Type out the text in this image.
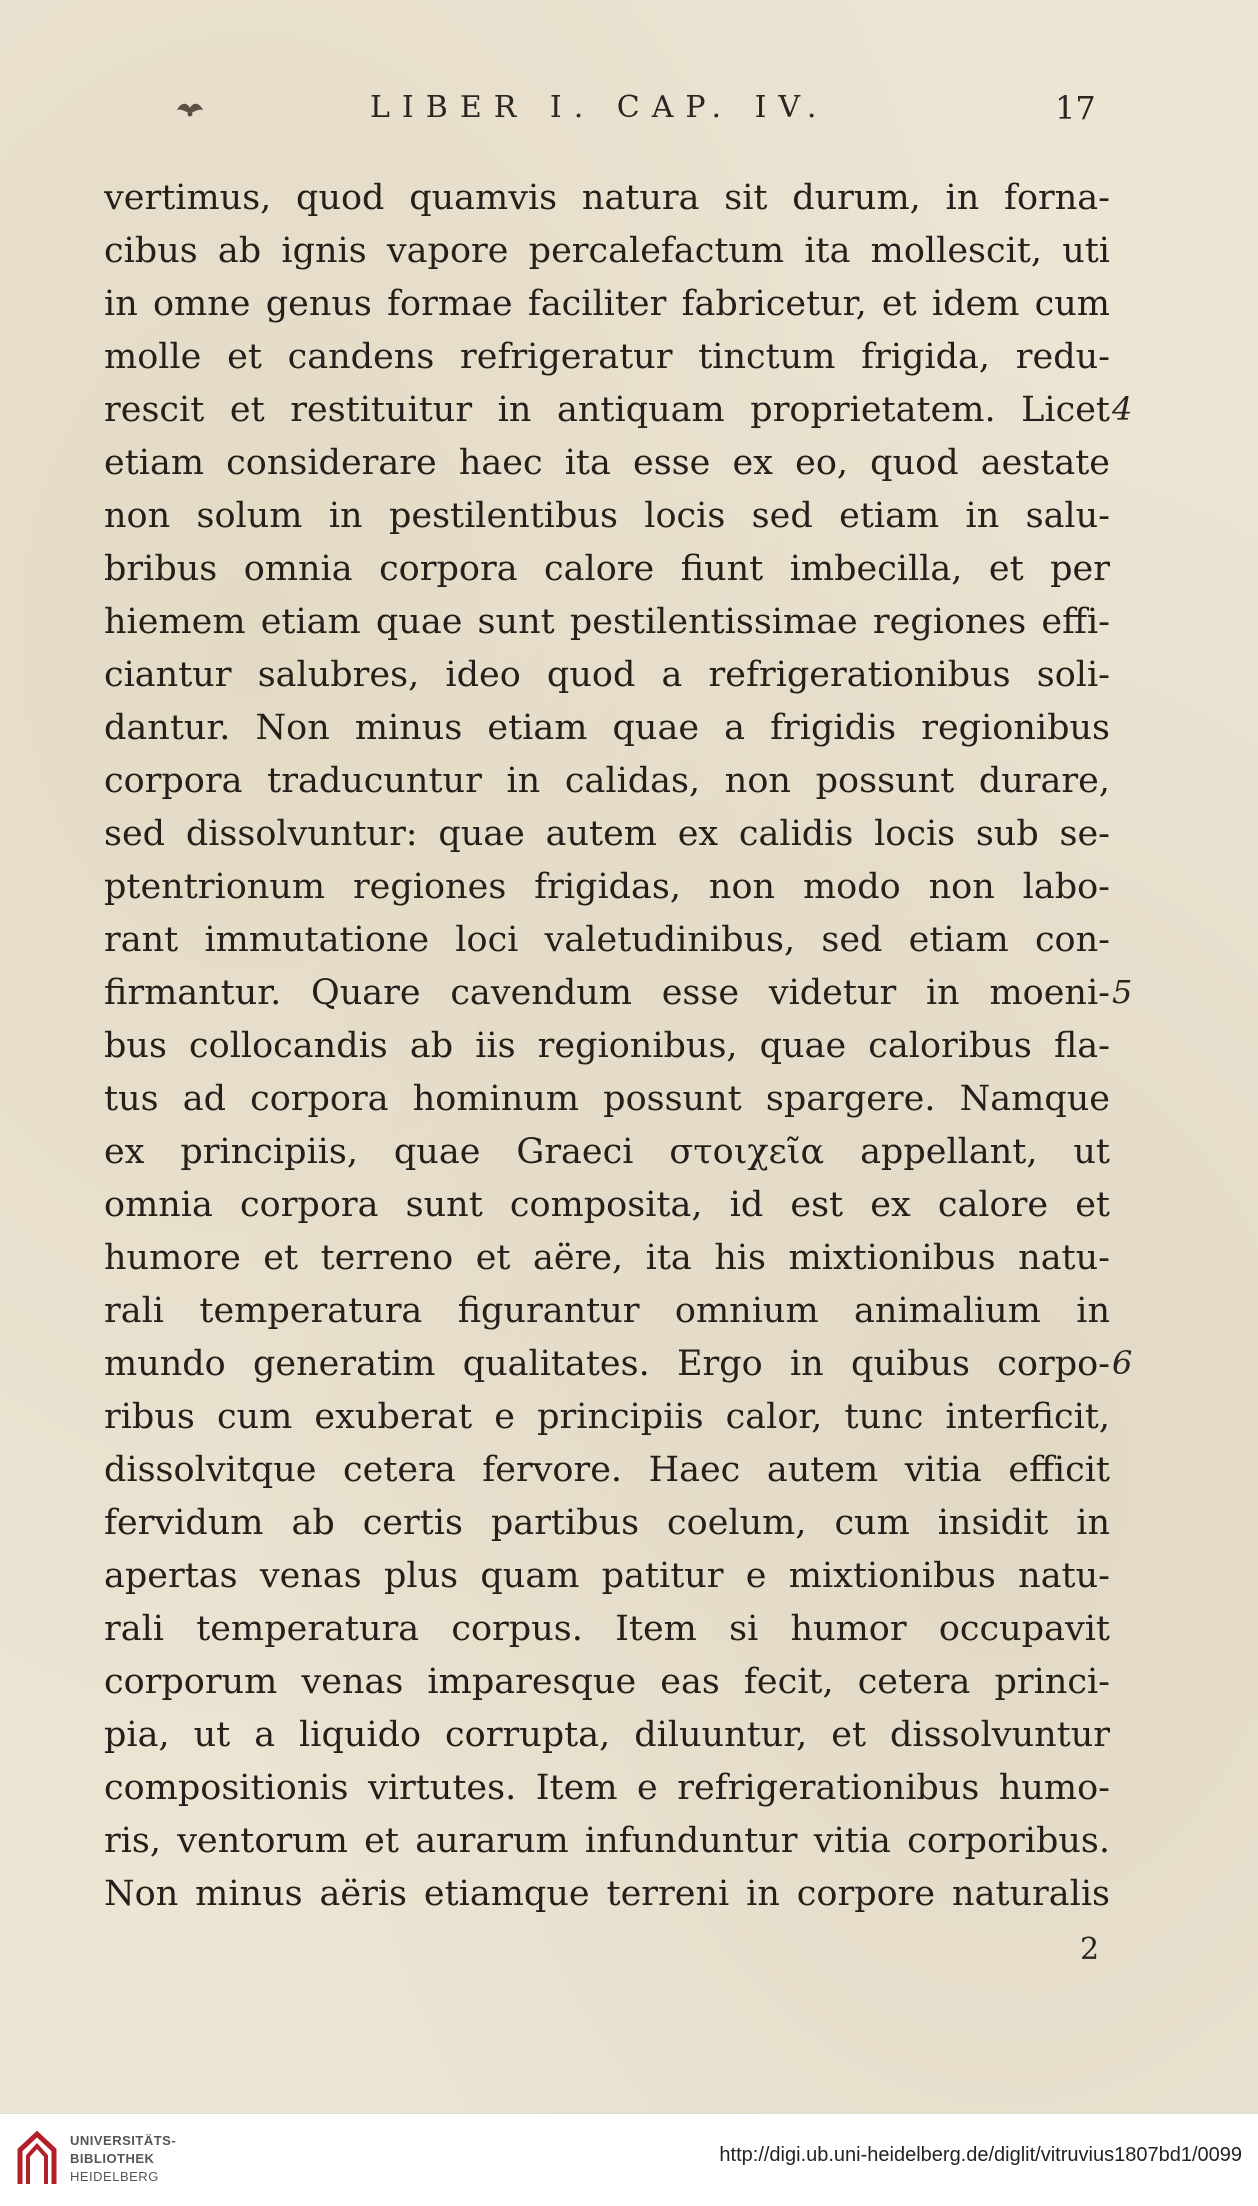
LIBER I. CAP. IV.	17
vertimus, quod quamvis natura sit durum, in forna-
cibus ab ignis vapore percalefactum ita mollescit, uti
in omne genus formae faciliter fabricetur, et idem cum
molle et candens refrigeratur tinctum frigida, redu-
rescit et restituitur in antiquam proprietatem. Licet
etiam considerare haec ita esse ex eo, quod aestate
non solum in pestilentibus locis sed etiam in salu-
bribus omnia corpora calore fiunt imbecilla, et per
hiemem etiam quae sunt pestilentissimae regiones effi-
ciantur salubres, ideo quod a refrigerationibus soli-
dantur. Non minus etiam quae a frigidis regionibus
corpora traducuntur in calidas, non possunt durare,
sed dissolvuntur: quae autem ex calidis locis sub se-
ptentrionum regiones frigidas, non modo non labo-
rant immutatione loci valetudinibus, sed etiam con-
firmantur. Quare cavendum esse videtur in moeni-
bus collocandis ab iis regionibus, quae caloribus fla-
tus ad corpora hominum possunt spargere. Namque
ex principiis, quae Graeci στοιχεῖα appellant, ut
omnia corpora sunt composita, id est ex calore et
humore et terreno et aëre, ita his mixtionibus natu-
rali temperatura figurantur omnium animalium in
mundo generatim qualitates. Ergo in quibus corpo-
ribus cum exuberat e principiis calor, tunc interficit,
dissolvitque cetera fervore. Haec autem vitia efficit
fervidum ab certis partibus coelum, cum insidit in
apertas venas plus quam patitur e mixtionibus natu-
rali temperatura corpus. Item si humor occupavit
corporum venas imparesque eas fecit, cetera princi-
pia, ut a liquido corrupta, diluuntur, et dissolvuntur
compositionis virtutes. Item e refrigerationibus humo-
ris, ventorum et aurarum infunduntur vitia corporibus.
Non minus aëris etiamque terreni in corpore naturalis
4
5
6
2
UNIVERSITÄTS-
BIBLIOTHEK
HEIDELBERG
http://digi.ub.uni-heidelberg.de/diglit/vitruvius1807bd1/0099
